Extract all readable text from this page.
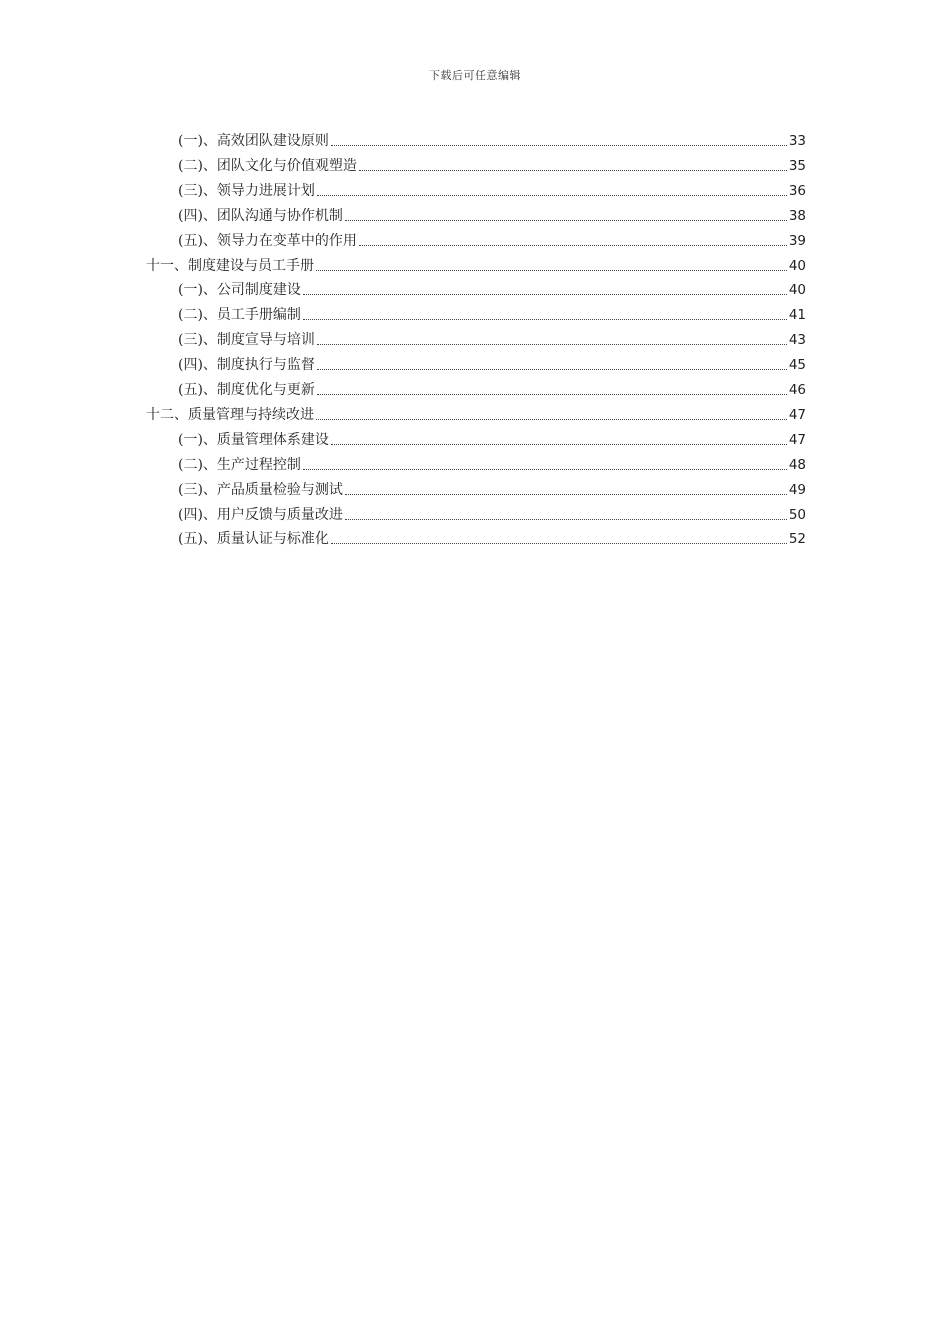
下载后可任意编辑
(一)、高效团队建设原则	33
(二)、团队文化与价值观塑造	35
(三)、领导力进展计划	36
(四)、团队沟通与协作机制	38
(五)、领导力在变革中的作用	39
十一、制度建设与员工手册	40
(一)、公司制度建设	40
(二)、员工手册编制	41
(三)、制度宣导与培训	43
(四)、制度执行与监督	45
(五)、制度优化与更新	46
十二、质量管理与持续改进	47
(一)、质量管理体系建设	47
(二)、生产过程控制	48
(三)、产品质量检验与测试	49
(四)、用户反馈与质量改进	50
(五)、质量认证与标准化	52
